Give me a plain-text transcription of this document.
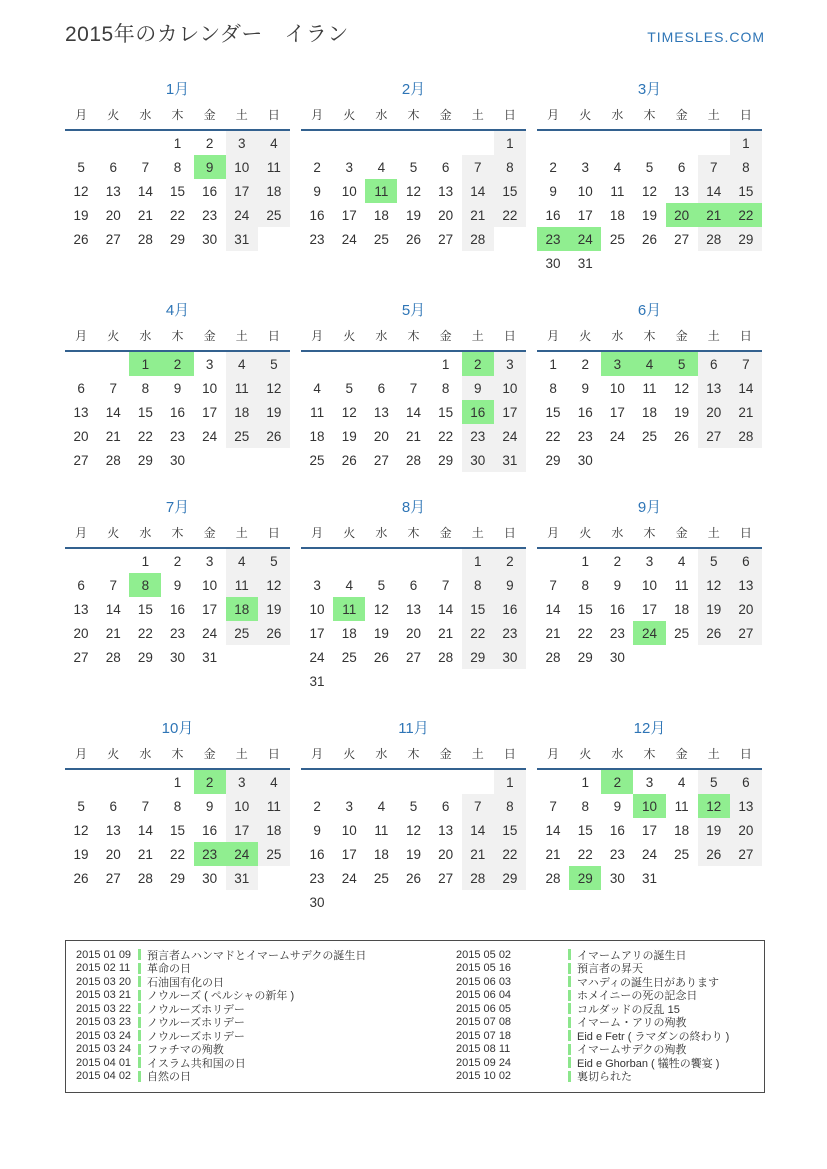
2015年のカレンダー　イラン	TIMESLES.COM
1月
月	火	水	木	金	土	日
			1	2	3	4
5	6	7	8	9	10	11
12	13	14	15	16	17	18
19	20	21	22	23	24	25
26	27	28	29	30	31	
2月
月	火	水	木	金	土	日
						1
2	3	4	5	6	7	8
9	10	11	12	13	14	15
16	17	18	19	20	21	22
23	24	25	26	27	28	
3月
月	火	水	木	金	土	日
						1
2	3	4	5	6	7	8
9	10	11	12	13	14	15
16	17	18	19	20	21	22
23	24	25	26	27	28	29
30	31					
4月
月	火	水	木	金	土	日
		1	2	3	4	5
6	7	8	9	10	11	12
13	14	15	16	17	18	19
20	21	22	23	24	25	26
27	28	29	30			
5月
月	火	水	木	金	土	日
				1	2	3
4	5	6	7	8	9	10
11	12	13	14	15	16	17
18	19	20	21	22	23	24
25	26	27	28	29	30	31
6月
月	火	水	木	金	土	日
1	2	3	4	5	6	7
8	9	10	11	12	13	14
15	16	17	18	19	20	21
22	23	24	25	26	27	28
29	30					
7月
月	火	水	木	金	土	日
		1	2	3	4	5
6	7	8	9	10	11	12
13	14	15	16	17	18	19
20	21	22	23	24	25	26
27	28	29	30	31		
8月
月	火	水	木	金	土	日
					1	2
3	4	5	6	7	8	9
10	11	12	13	14	15	16
17	18	19	20	21	22	23
24	25	26	27	28	29	30
31						
9月
月	火	水	木	金	土	日
	1	2	3	4	5	6
7	8	9	10	11	12	13
14	15	16	17	18	19	20
21	22	23	24	25	26	27
28	29	30				
10月
月	火	水	木	金	土	日
			1	2	3	4
5	6	7	8	9	10	11
12	13	14	15	16	17	18
19	20	21	22	23	24	25
26	27	28	29	30	31	
11月
月	火	水	木	金	土	日
						1
2	3	4	5	6	7	8
9	10	11	12	13	14	15
16	17	18	19	20	21	22
23	24	25	26	27	28	29
30						
12月
月	火	水	木	金	土	日
	1	2	3	4	5	6
7	8	9	10	11	12	13
14	15	16	17	18	19	20
21	22	23	24	25	26	27
28	29	30	31			
2015 01 09	預言者ムハンマドとイマームサデクの誕生日
2015 02 11	革命の日
2015 03 20	石油国有化の日
2015 03 21	ノウルーズ ( ペルシャの新年 )
2015 03 22	ノウルーズホリデー
2015 03 23	ノウルーズホリデー
2015 03 24	ノウルーズホリデー
2015 03 24	ファチマの殉教
2015 04 01	イスラム共和国の日
2015 04 02	自然の日
2015 05 02	イマームアリの誕生日
2015 05 16	預言者の昇天
2015 06 03	マハディの誕生日があります
2015 06 04	ホメイニーの死の記念日
2015 06 05	コルダッドの反乱 15
2015 07 08	イマーム・アリの殉教
2015 07 18	Eid e Fetr ( ラマダンの終わり )
2015 08 11	イマームサデクの殉教
2015 09 24	Eid e Ghorban ( 犠牲の饗宴 )
2015 10 02	裏切られた
